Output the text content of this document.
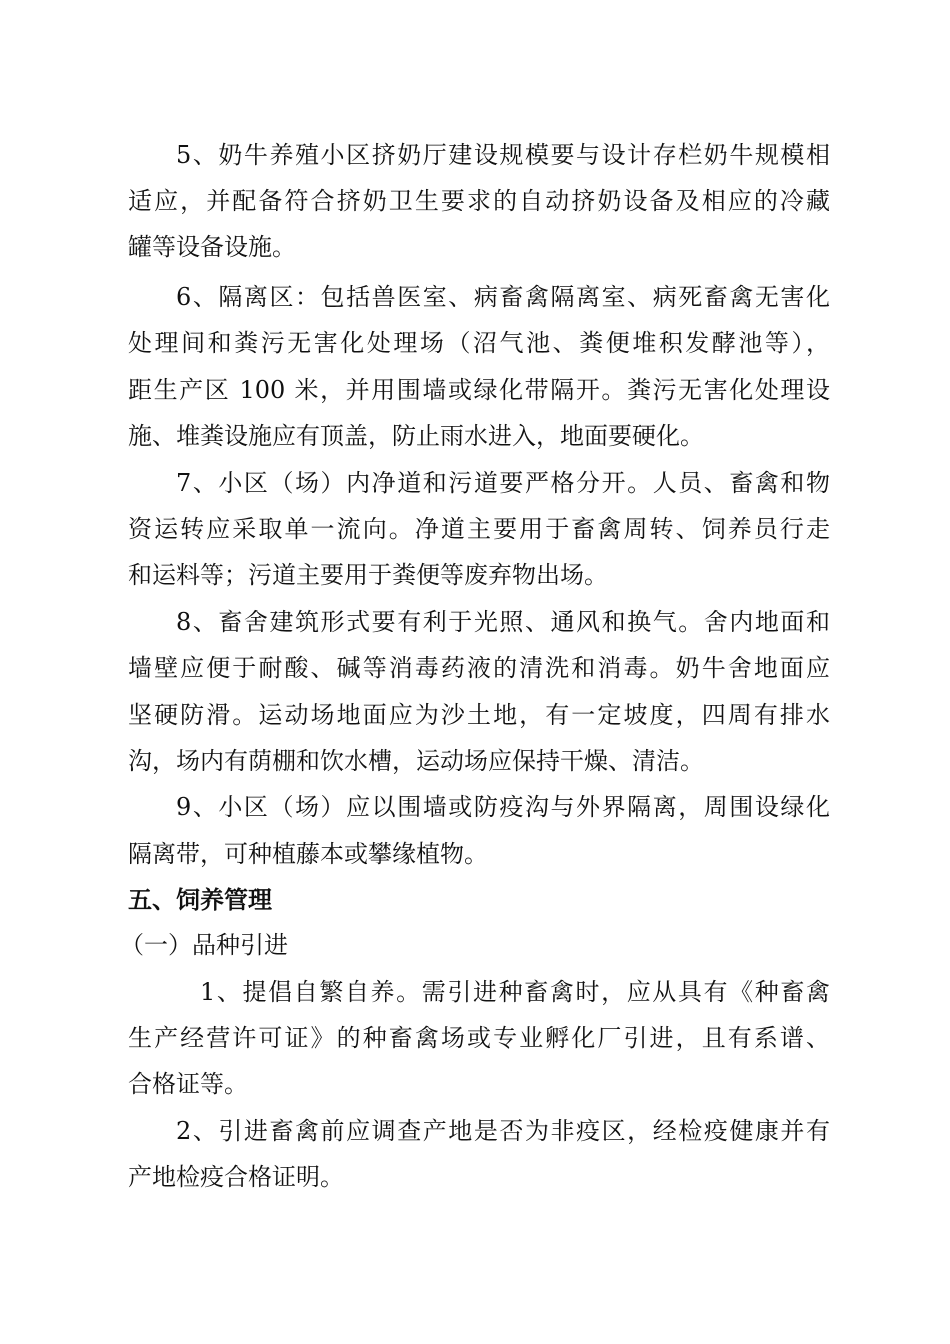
5、奶牛养殖小区挤奶厅建设规模要与设计存栏奶牛规模相
适应，并配备符合挤奶卫生要求的自动挤奶设备及相应的冷藏
罐等设备设施。
6、隔离区：包括兽医室、病畜禽隔离室、病死畜禽无害化
处理间和粪污无害化处理场（沼气池、粪便堆积发酵池等），
距生产区 100 米，并用围墙或绿化带隔开。粪污无害化处理设
施、堆粪设施应有顶盖，防止雨水进入，地面要硬化。
7、小区（场）内净道和污道要严格分开。人员、畜禽和物
资运转应采取单一流向。净道主要用于畜禽周转、饲养员行走
和运料等；污道主要用于粪便等废弃物出场。
8、畜舍建筑形式要有利于光照、通风和换气。舍内地面和
墙壁应便于耐酸、碱等消毒药液的清洗和消毒。奶牛舍地面应
坚硬防滑。运动场地面应为沙土地，有一定坡度，四周有排水
沟，场内有荫棚和饮水槽，运动场应保持干燥、清洁。
9、小区（场）应以围墙或防疫沟与外界隔离，周围设绿化
隔离带，可种植藤本或攀缘植物。
五、饲养管理
（一）品种引进
1、提倡自繁自养。需引进种畜禽时，应从具有《种畜禽
生产经营许可证》的种畜禽场或专业孵化厂引进，且有系谱、
合格证等。
2、引进畜禽前应调查产地是否为非疫区，经检疫健康并有
产地检疫合格证明。
